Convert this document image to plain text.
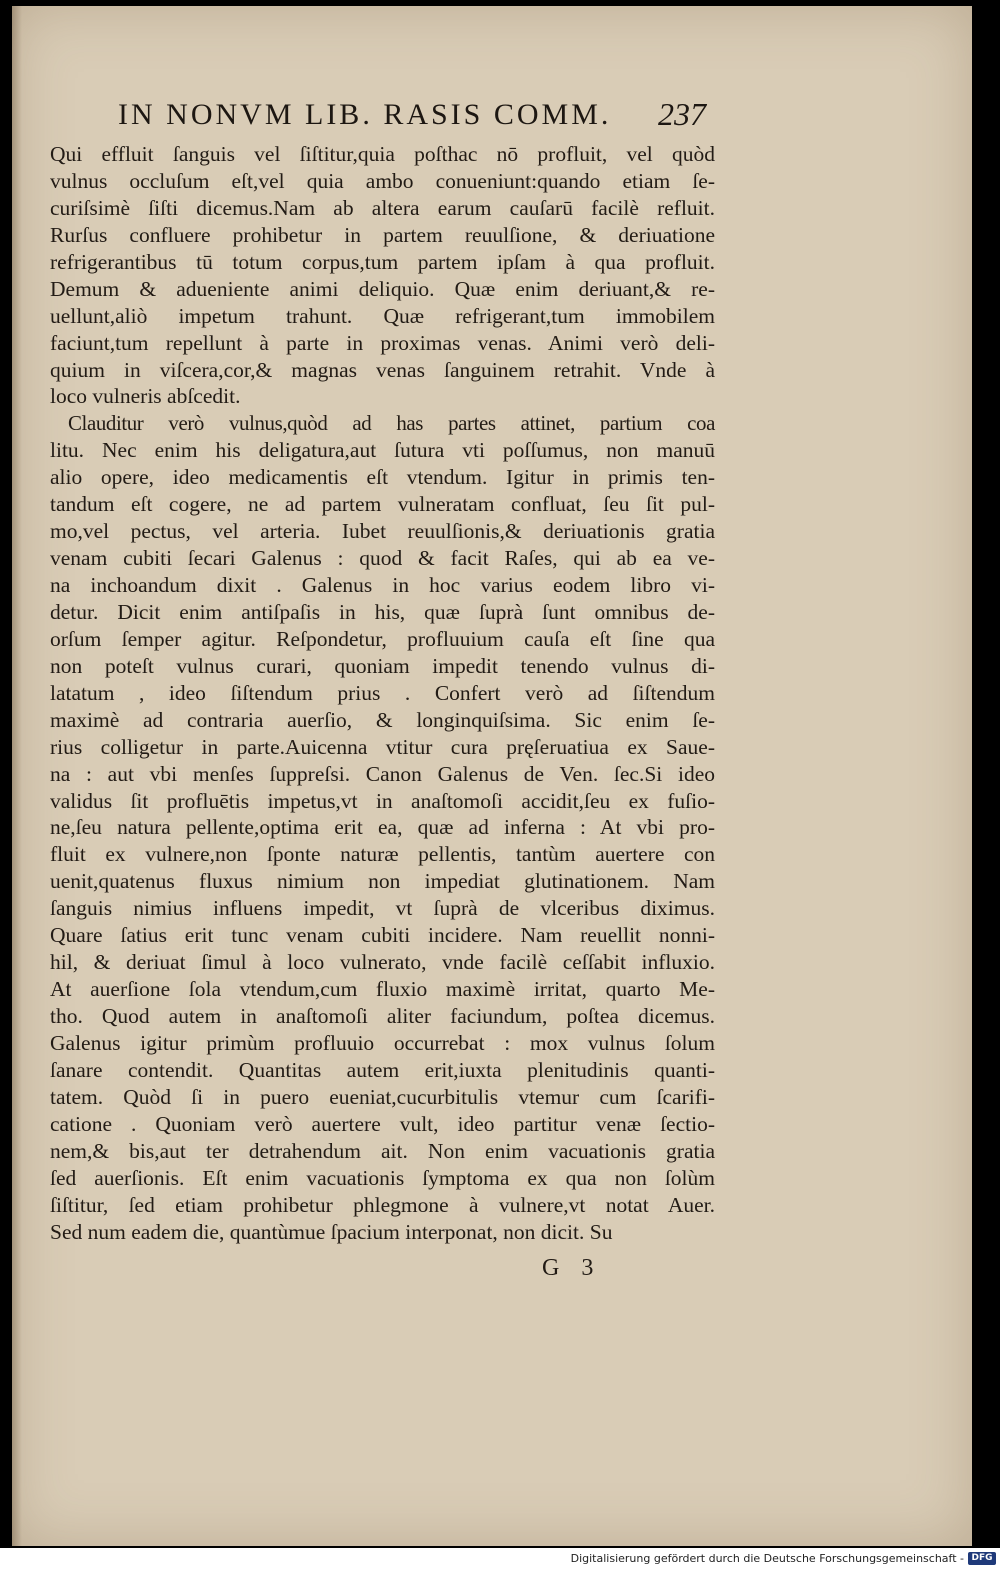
IN NONVM LIB. RASIS COMM. 237
Qui effluit ſanguis vel ſiſtitur,quia poſthac nō profluit, vel quòd
vulnus occluſum eſt,vel quia ambo conueniunt:quando etiam ſe-
curiſsimè ſiſti dicemus.Nam ab altera earum cauſarū facilè refluit.
Rurſus confluere prohibetur in partem reuulſione, & deriuatione
refrigerantibus tū totum corpus,tum partem ipſam à qua profluit.
Demum & adueniente animi deliquio. Quæ enim deriuant,& re-
uellunt,aliò impetum trahunt. Quæ refrigerant,tum immobilem
faciunt,tum repellunt à parte in proximas venas. Animi verò deli-
quium in viſcera,cor,& magnas venas ſanguinem retrahit. Vnde à
loco vulneris abſcedit.
Clauditur verò vulnus,quòd ad has partes attinet, partium coa
litu. Nec enim his deligatura,aut ſutura vti poſſumus, non manuū
alio opere, ideo medicamentis eſt vtendum. Igitur in primis ten-
tandum eſt cogere, ne ad partem vulneratam confluat, ſeu ſit pul-
mo,vel pectus, vel arteria. Iubet reuulſionis,& deriuationis gratia
venam cubiti ſecari Galenus : quod & facit Raſes, qui ab ea ve-
na inchoandum dixit . Galenus in hoc varius eodem libro vi-
detur. Dicit enim antiſpaſis in his, quæ ſuprà ſunt omnibus de-
orſum ſemper agitur. Reſpondetur, profluuium cauſa eſt ſine qua
non poteſt vulnus curari, quoniam impedit tenendo vulnus di-
latatum , ideo ſiſtendum prius . Confert verò ad ſiſtendum
maximè ad contraria auerſio, & longinquiſsima. Sic enim ſe-
rius colligetur in parte.Auicenna vtitur cura pręſeruatiua ex Saue-
na : aut vbi menſes ſuppreſsi. Canon Galenus de Ven. ſec.Si ideo
validus ſit profluētis impetus,vt in anaſtomoſi accidit,ſeu ex fuſio-
ne,ſeu natura pellente,optima erit ea, quæ ad inferna : At vbi pro-
fluit ex vulnere,non ſponte naturæ pellentis, tantùm auertere con
uenit,quatenus fluxus nimium non impediat glutinationem. Nam
ſanguis nimius influens impedit, vt ſuprà de vlceribus diximus.
Quare ſatius erit tunc venam cubiti incidere. Nam reuellit nonni-
hil, & deriuat ſimul à loco vulnerato, vnde facilè ceſſabit influxio.
At auerſione ſola vtendum,cum fluxio maximè irritat, quarto Me-
tho. Quod autem in anaſtomoſi aliter faciundum, poſtea dicemus.
Galenus igitur primùm profluuio occurrebat : mox vulnus ſolum
ſanare contendit. Quantitas autem erit,iuxta plenitudinis quanti-
tatem. Quòd ſi in puero eueniat,cucurbitulis vtemur cum ſcarifi-
catione . Quoniam verò auertere vult, ideo partitur venæ ſectio-
nem,& bis,aut ter detrahendum ait. Non enim vacuationis gratia
ſed auerſionis. Eſt enim vacuationis ſymptoma ex qua non ſolùm
ſiſtitur, ſed etiam prohibetur phlegmone à vulnere,vt notat Auer.
Sed num eadem die, quantùmue ſpacium interponat, non dicit. Su
G 3
Digitalisierung gefördert durch die Deutsche Forschungsgemeinschaft - DFG
